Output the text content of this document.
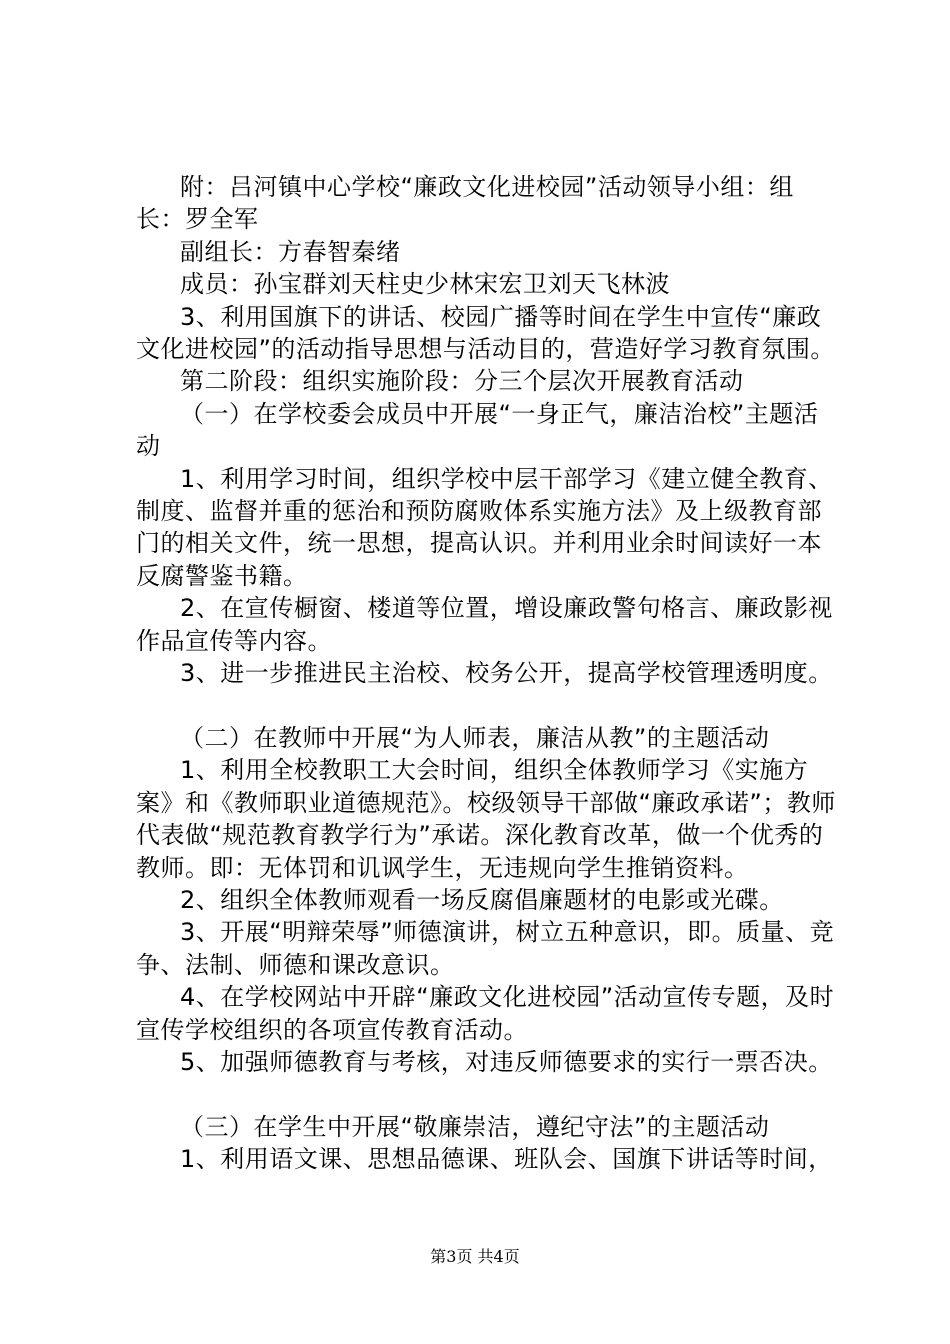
附：吕河镇中心学校“廉政文化进校园”活动领导小组：组长：罗全军

副组长：方春智秦绪

成员：孙宝群刘天柱史少林宋宏卫刘天飞林波

3、利用国旗下的讲话、校园广播等时间在学生中宣传“廉政文化进校园”的活动指导思想与活动目的，营造好学习教育氛围。

第二阶段：组织实施阶段：分三个层次开展教育活动

（一）在学校委会成员中开展“一身正气，廉洁治校”主题活动

1、利用学习时间，组织学校中层干部学习《建立健全教育、制度、监督并重的惩治和预防腐败体系实施方法》及上级教育部门的相关文件，统一思想，提高认识。并利用业余时间读好一本反腐警鉴书籍。

2、在宣传橱窗、楼道等位置，增设廉政警句格言、廉政影视作品宣传等内容。

3、进一步推进民主治校、校务公开，提高学校管理透明度。

（二）在教师中开展“为人师表，廉洁从教”的主题活动

1、利用全校教职工大会时间，组织全体教师学习《实施方案》和《教师职业道德规范》。校级领导干部做“廉政承诺”；教师代表做“规范教育教学行为”承诺。深化教育改革，做一个优秀的教师。即：无体罚和讥讽学生，无违规向学生推销资料。

2、组织全体教师观看一场反腐倡廉题材的电影或光碟。

3、开展“明辩荣辱”师德演讲，树立五种意识，即。质量、竞争、法制、师德和课改意识。

4、在学校网站中开辟“廉政文化进校园”活动宣传专题，及时宣传学校组织的各项宣传教育活动。

5、加强师德教育与考核，对违反师德要求的实行一票否决。

（三）在学生中开展“敬廉崇洁，遵纪守法”的主题活动

1、利用语文课、思想品德课、班队会、国旗下讲话等时间，

第3页 共4页
